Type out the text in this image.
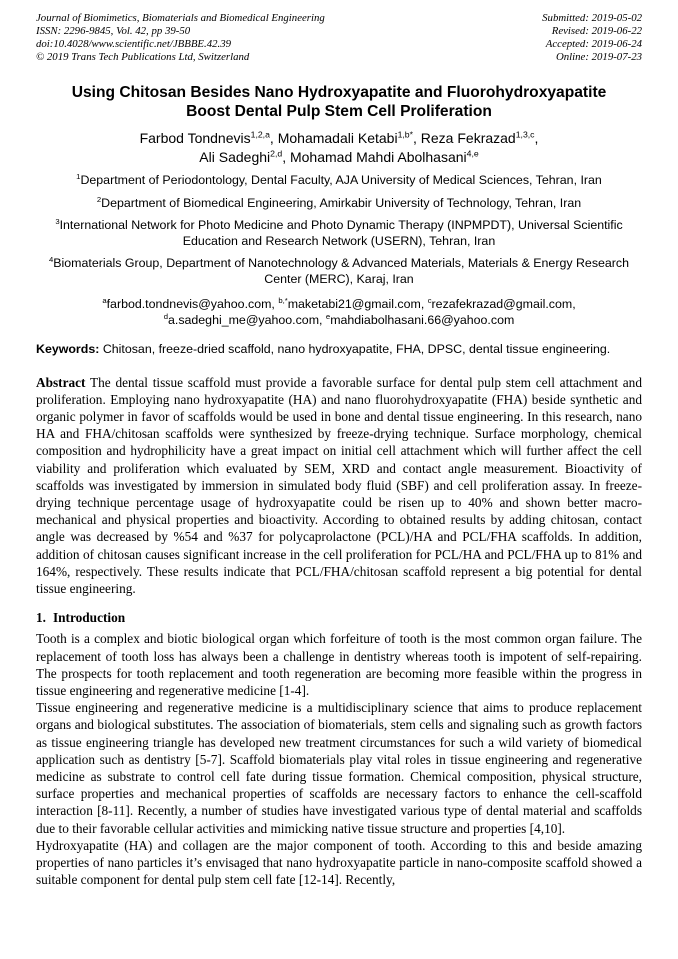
Journal of Biomimetics, Biomaterials and Biomedical Engineering
ISSN: 2296-9845, Vol. 42, pp 39-50
doi:10.4028/www.scientific.net/JBBBE.42.39
© 2019 Trans Tech Publications Ltd, Switzerland
Submitted: 2019-05-02
Revised: 2019-06-22
Accepted: 2019-06-24
Online: 2019-07-23
Using Chitosan Besides Nano Hydroxyapatite and Fluorohydroxyapatite
Boost Dental Pulp Stem Cell Proliferation
Farbod Tondnevis$^{1,2,a}$, Mohamadali Ketabi$^{1,b*}$, Reza Fekrazad$^{1,3,c}$,
Ali Sadeghi$^{2,d}$, Mohamad Mahdi Abolhasani$^{4,e}$

$^1$Department of Periodontology, Dental Faculty, AJA University of Medical Sciences, Tehran, Iran

$^2$Department of Biomedical Engineering, Amirkabir University of Technology, Tehran, Iran

$^3$International Network for Photo Medicine and Photo Dynamic Therapy (INPMPDT), Universal Scientific Education and Research Network (USERN), Tehran, Iran

$^4$Biomaterials Group, Department of Nanotechnology & Advanced Materials, Materials & Energy Research Center (MERC), Karaj, Iran

$^a$farbod.tondnevis@yahoo.com, $^{b,*}$maketabi21@gmail.com, $^c$rezafekrazad@gmail.com, $^d$a.sadeghi_me@yahoo.com, $^e$mahdiabolhasani.66@yahoo.com

Keywords: Chitosan, freeze-dried scaffold, nano hydroxyapatite, FHA, DPSC, dental tissue engineering.

Abstract The dental tissue scaffold must provide a favorable surface for dental pulp stem cell attachment and proliferation. Employing nano hydroxyapatite (HA) and nano fluorohydroxyapatite (FHA) beside synthetic and organic polymer in favor of scaffolds would be used in bone and dental tissue engineering. In this research, nano HA and FHA/chitosan scaffolds were synthesized by freeze-drying technique. Surface morphology, chemical composition and hydrophilicity have a great impact on initial cell attachment which will further affect the cell viability and proliferation which evaluated by SEM, XRD and contact angle measurement. Bioactivity of scaffolds was investigated by immersion in simulated body fluid (SBF) and cell proliferation assay. In freeze-drying technique percentage usage of hydroxyapatite could be risen up to 40% and shown better macro-mechanical and physical properties and bioactivity. According to obtained results by adding chitosan, contact angle was decreased by %54 and %37 for polycaprolactone (PCL)/HA and PCL/FHA scaffolds. In addition, addition of chitosan causes significant increase in the cell proliferation for PCL/HA and PCL/FHA up to 81% and 164%, respectively. These results indicate that PCL/FHA/chitosan scaffold represent a big potential for dental tissue engineering.

1. Introduction

Tooth is a complex and biotic biological organ which forfeiture of tooth is the most common organ failure. The replacement of tooth loss has always been a challenge in dentistry whereas tooth is impotent of self-repairing. The prospects for tooth replacement and tooth regeneration are becoming more feasible within the progress in tissue engineering and regenerative medicine [1-4].

Tissue engineering and regenerative medicine is a multidisciplinary science that aims to produce replacement organs and biological substitutes. The association of biomaterials, stem cells and signaling such as growth factors as tissue engineering triangle has developed new treatment circumstances for such a wild variety of biomedical application such as dentistry [5-7]. Scaffold biomaterials play vital roles in tissue engineering and regenerative medicine as substrate to control cell fate during tissue formation. Chemical composition, physical structure, surface properties and mechanical properties of scaffolds are necessary factors to enhance the cell-scaffold interaction [8-11]. Recently, a number of studies have investigated various type of dental material and scaffolds due to their favorable cellular activities and mimicking native tissue structure and properties [4,10].

Hydroxyapatite (HA) and collagen are the major component of tooth. According to this and beside amazing properties of nano particles it’s envisaged that nano hydroxyapatite particle in nano-composite scaffold showed a suitable component for dental pulp stem cell fate [12-14]. Recently,
